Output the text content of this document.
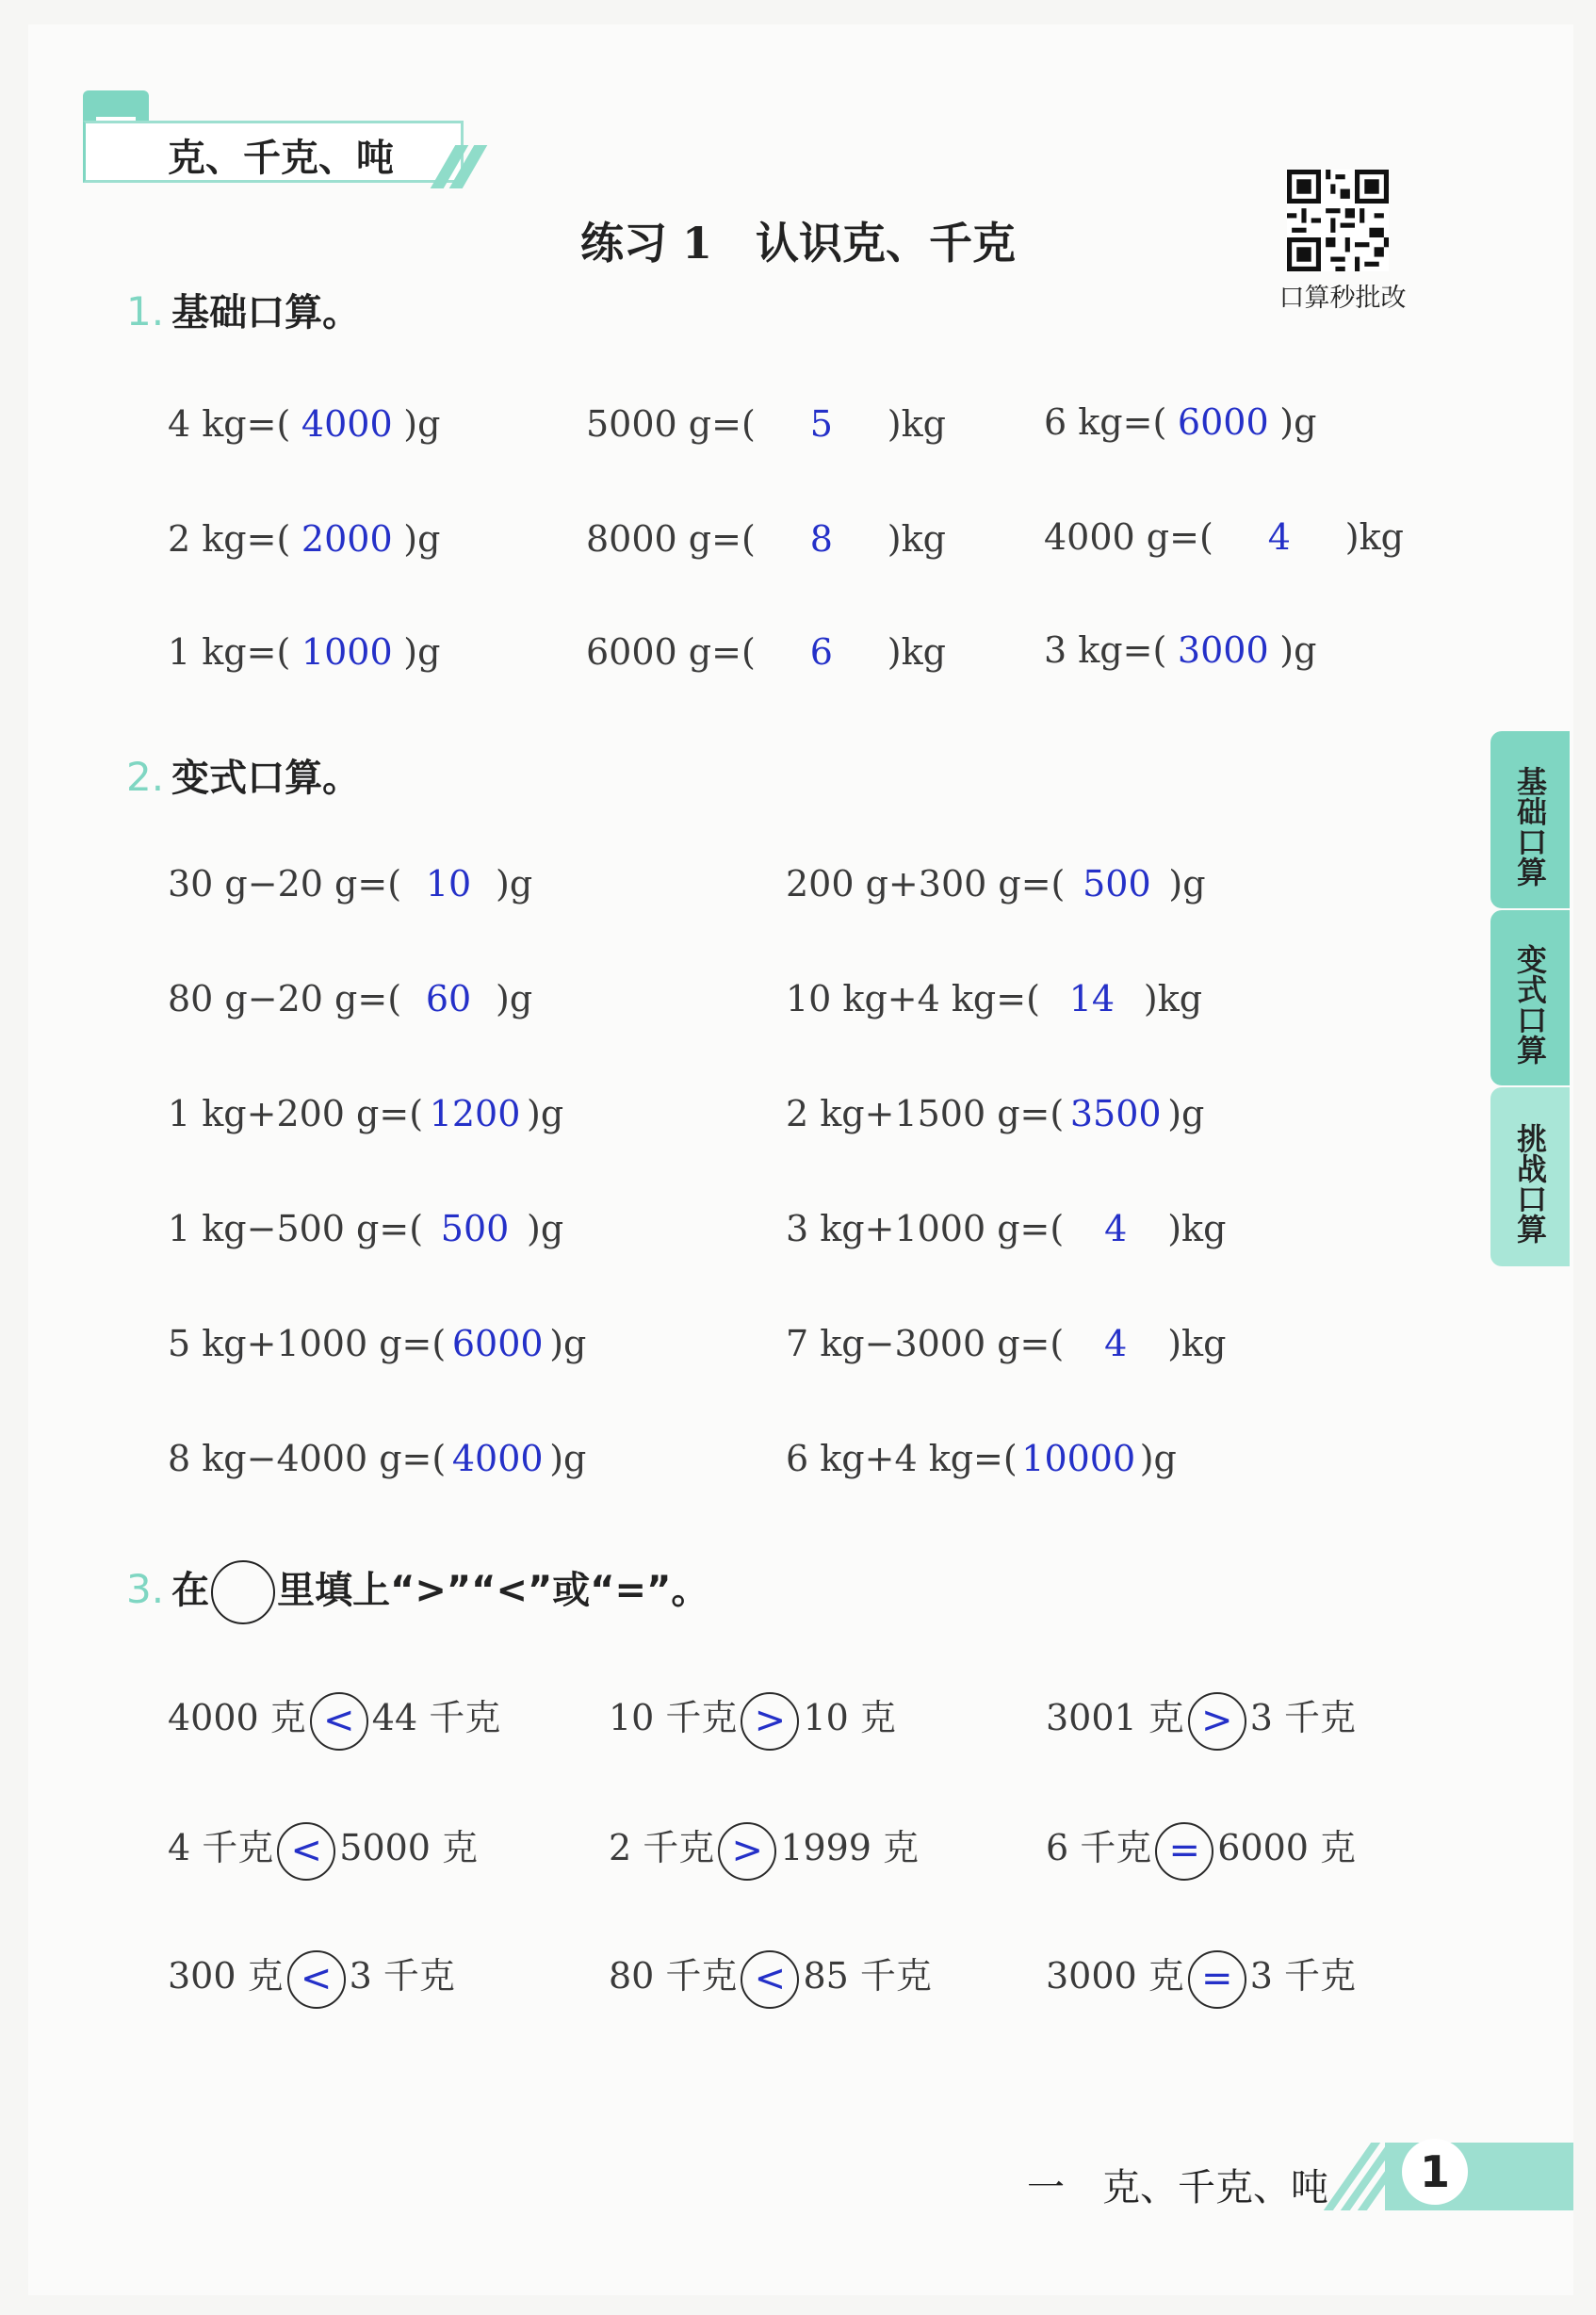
克、千克、吨
练习 1　认识克、千克
口算秒批改
1. 基础口算。
4 kg=( 4000 )g	5000 g=( 5 )kg	6 kg=( 6000 )g
2 kg=( 2000 )g	8000 g=( 8 )kg	4000 g=( 4 )kg
1 kg=( 1000 )g	6000 g=( 6 )kg	3 kg=( 3000 )g
2. 变式口算。
30 g−20 g=( 10 )g	200 g+300 g=( 500 )g
80 g−20 g=( 60 )g	10 kg+4 kg=( 14 )kg
1 kg+200 g=( 1200 )g	2 kg+1500 g=( 3500 )g
1 kg−500 g=( 500 )g	3 kg+1000 g=( 4 )kg
5 kg+1000 g=( 6000 )g	7 kg−3000 g=( 4 )kg
8 kg−4000 g=( 4000 )g	6 kg+4 kg=( 10000 )g
3. 在 里填上“>”“<”或“=”。
4000 克 < 44 千克	10 千克 > 10 克	3001 克 > 3 千克
4 千克 < 5000 克	2 千克 > 1999 克	6 千克 = 6000 克
300 克 < 3 千克	80 千克 < 85 千克	3000 克 = 3 千克
基础口算
变式口算
挑战口算
一　克、千克、吨	1
